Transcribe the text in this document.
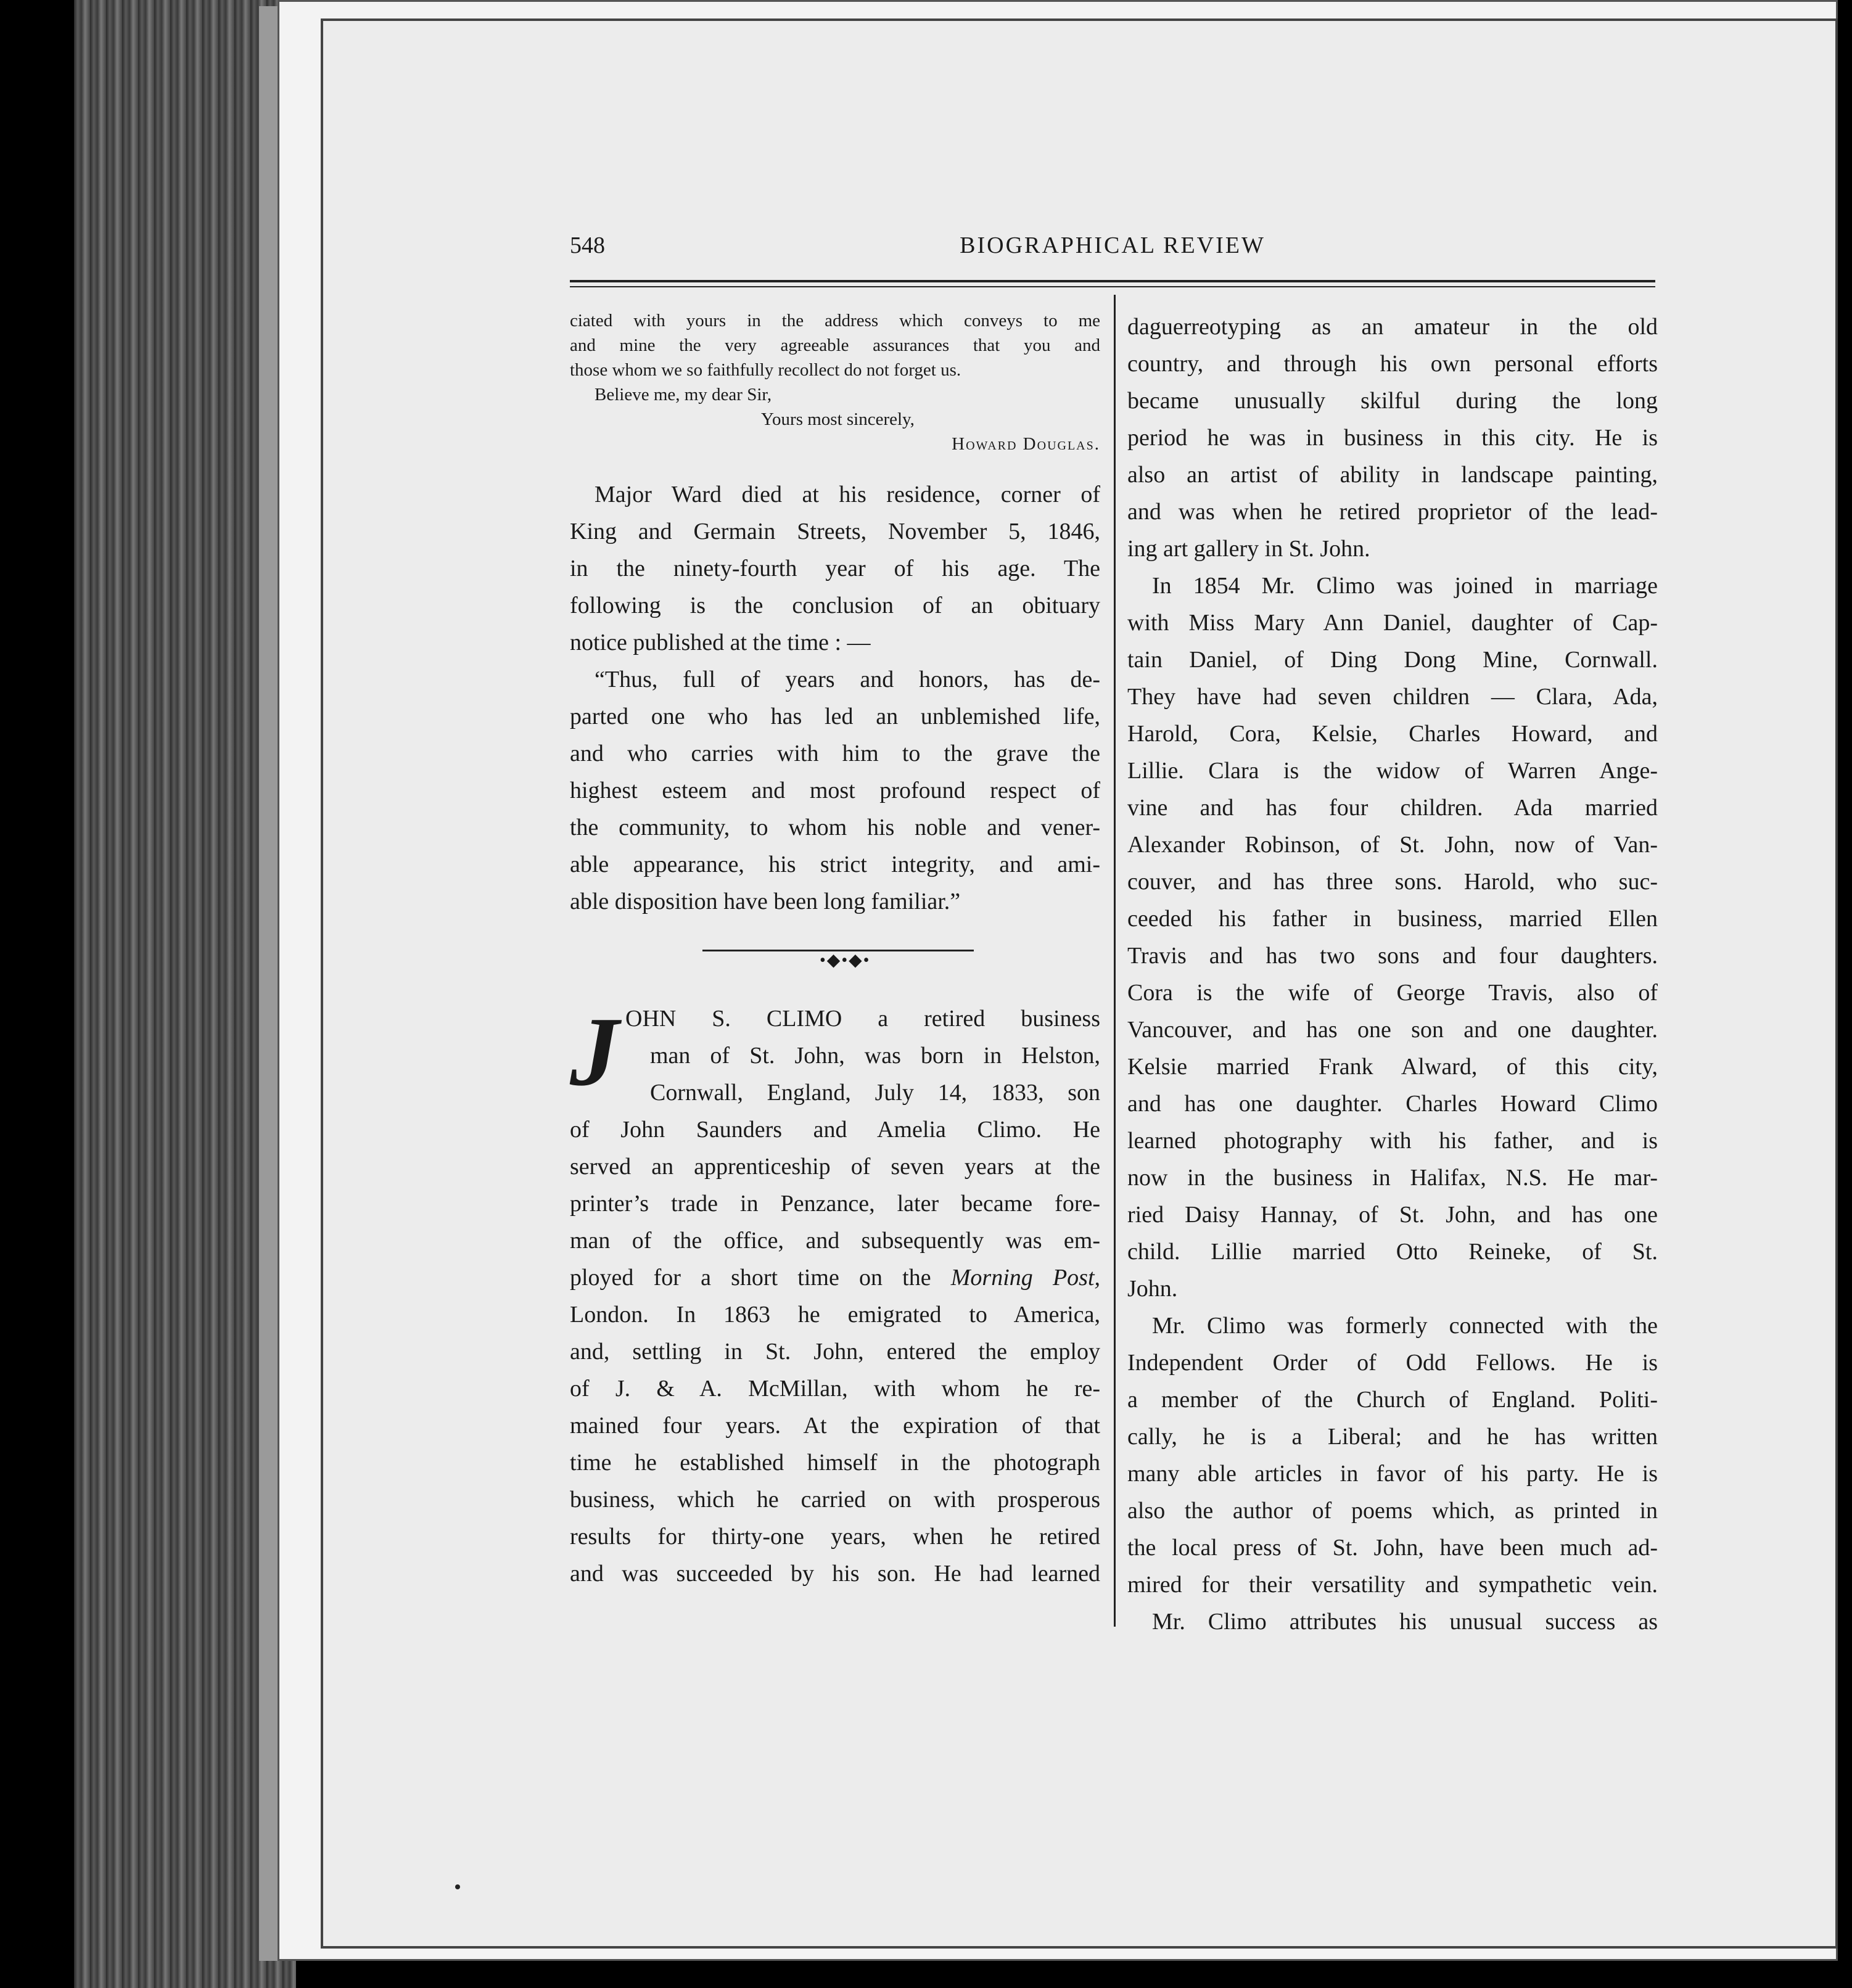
548	BIOGRAPHICAL REVIEW
ciated with yours in the address which conveys to me
and mine the very agreeable assurances that you and
those whom we so faithfully recollect do not forget us.
Believe me, my dear Sir,
Yours most sincerely,
Howard Douglas.
Major Ward died at his residence, corner of
King and Germain Streets, November 5, 1846,
in the ninety-fourth year of his age. The
following is the conclusion of an obituary
notice published at the time : —
“Thus, full of years and honors, has de-
parted one who has led an unblemished life,
and who carries with him to the grave the
highest esteem and most profound respect of
the community, to whom his noble and vener-
able appearance, his strict integrity, and ami-
able disposition have been long familiar.”
•◆•◆•
J OHN S. CLIMO a retired business
man of St. John, was born in Helston,
Cornwall, England, July 14, 1833, son
of John Saunders and Amelia Climo. He
served an apprenticeship of seven years at the
printer’s trade in Penzance, later became fore-
man of the office, and subsequently was em-
ployed for a short time on the Morning Post,
London. In 1863 he emigrated to America,
and, settling in St. John, entered the employ
of J. & A. McMillan, with whom he re-
mained four years. At the expiration of that
time he established himself in the photograph
business, which he carried on with prosperous
results for thirty-one years, when he retired
and was succeeded by his son. He had learned
daguerreotyping as an amateur in the old
country, and through his own personal efforts
became unusually skilful during the long
period he was in business in this city. He is
also an artist of ability in landscape painting,
and was when he retired proprietor of the lead-
ing art gallery in St. John.
In 1854 Mr. Climo was joined in marriage
with Miss Mary Ann Daniel, daughter of Cap-
tain Daniel, of Ding Dong Mine, Cornwall.
They have had seven children — Clara, Ada,
Harold, Cora, Kelsie, Charles Howard, and
Lillie. Clara is the widow of Warren Ange-
vine and has four children. Ada married
Alexander Robinson, of St. John, now of Van-
couver, and has three sons. Harold, who suc-
ceeded his father in business, married Ellen
Travis and has two sons and four daughters.
Cora is the wife of George Travis, also of
Vancouver, and has one son and one daughter.
Kelsie married Frank Alward, of this city,
and has one daughter. Charles Howard Climo
learned photography with his father, and is
now in the business in Halifax, N.S. He mar-
ried Daisy Hannay, of St. John, and has one
child. Lillie married Otto Reineke, of St.
John.
Mr. Climo was formerly connected with the
Independent Order of Odd Fellows. He is
a member of the Church of England. Politi-
cally, he is a Liberal; and he has written
many able articles in favor of his party. He is
also the author of poems which, as printed in
the local press of St. John, have been much ad-
mired for their versatility and sympathetic vein.
Mr. Climo attributes his unusual success as
